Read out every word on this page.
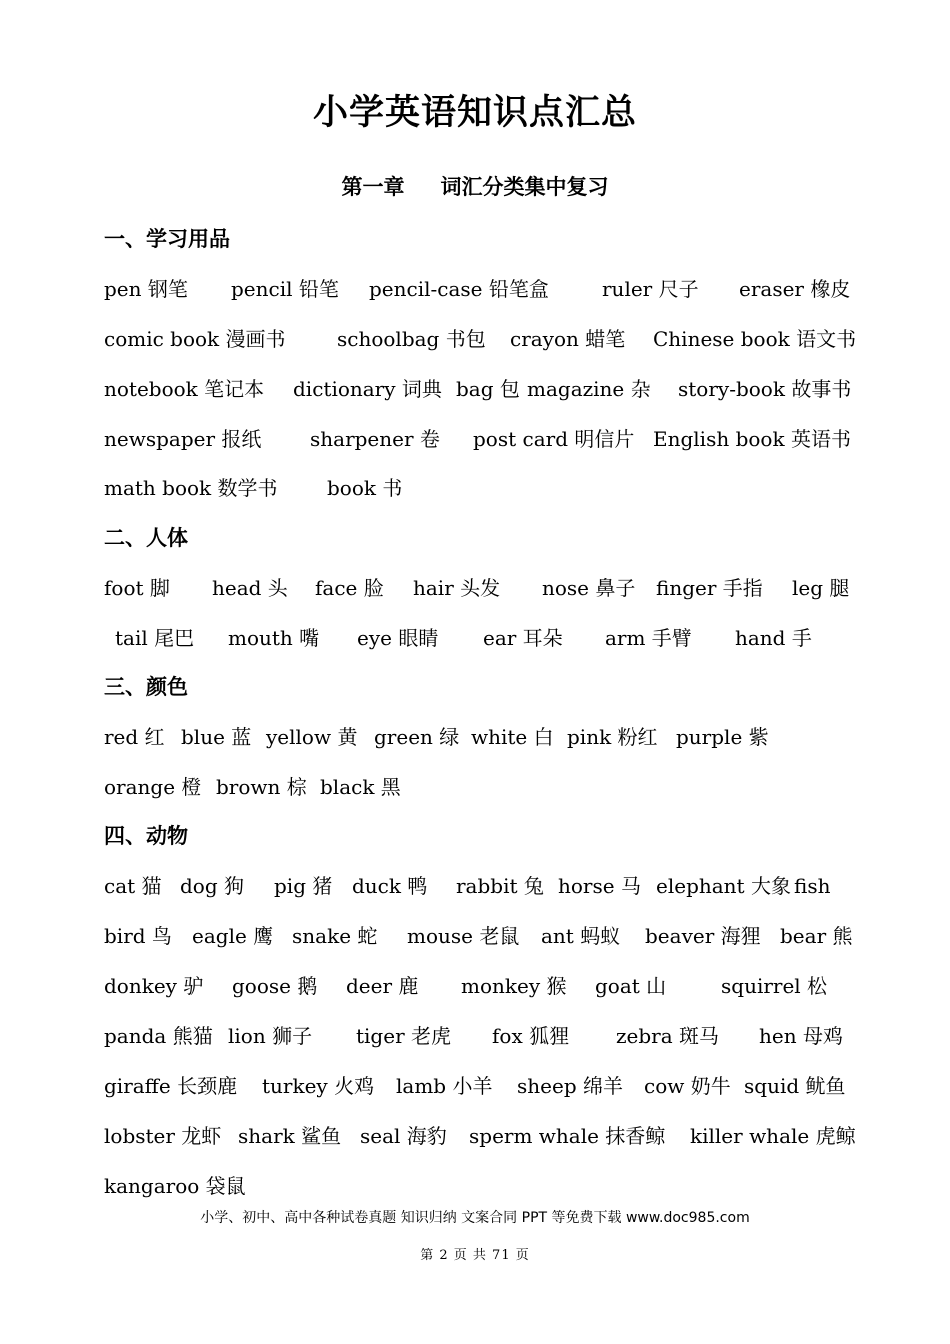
小学英语知识点汇总
第一章 词汇分类集中复习
一、学习用品
pen 钢笔 pencil 铅笔 pencil-case 铅笔盒	ruler 尺子 eraser 橡皮
comic book 漫画书	schoolbag 书包 crayon 蜡笔 Chinese book 语文书
notebook 笔记本 dictionary 词典 bag 包 magazine 杂 story-book 故事书
newspaper 报纸 sharpener 卷 post card 明信片 English book 英语书
math book 数学书 book 书
二、人体
foot 脚 head 头 face 脸 hair 头发 nose 鼻子 finger 手指 leg 腿
tail 尾巴 mouth 嘴 eye 眼睛 ear 耳朵 arm 手臂 hand 手
三、颜色
red 红 blue 蓝 yellow 黄 green 绿 white 白 pink 粉红 purple 紫
orange 橙 brown 棕 black 黑
四、动物
cat 猫 dog 狗 pig 猪 duck 鸭 rabbit 兔 horse 马 elephant 大象 fish
bird 鸟 eagle 鹰 snake 蛇 mouse 老鼠 ant 蚂蚁 beaver 海狸 bear 熊
donkey 驴 goose 鹅 deer 鹿 monkey 猴 goat 山	squirrel 松
panda 熊猫 lion 狮子 tiger 老虎 fox 狐狸 zebra 斑马 hen 母鸡
giraffe 长颈鹿 turkey 火鸡 lamb 小羊 sheep 绵羊 cow 奶牛 squid 鱿鱼
lobster 龙虾 shark 鲨鱼 seal 海豹 sperm whale 抹香鲸 killer whale 虎鲸
kangaroo 袋鼠
小学、初中、高中各种试卷真题 知识归纳 文案合同 PPT 等免费下载 www.doc985.com
第 2 页 共 71 页
